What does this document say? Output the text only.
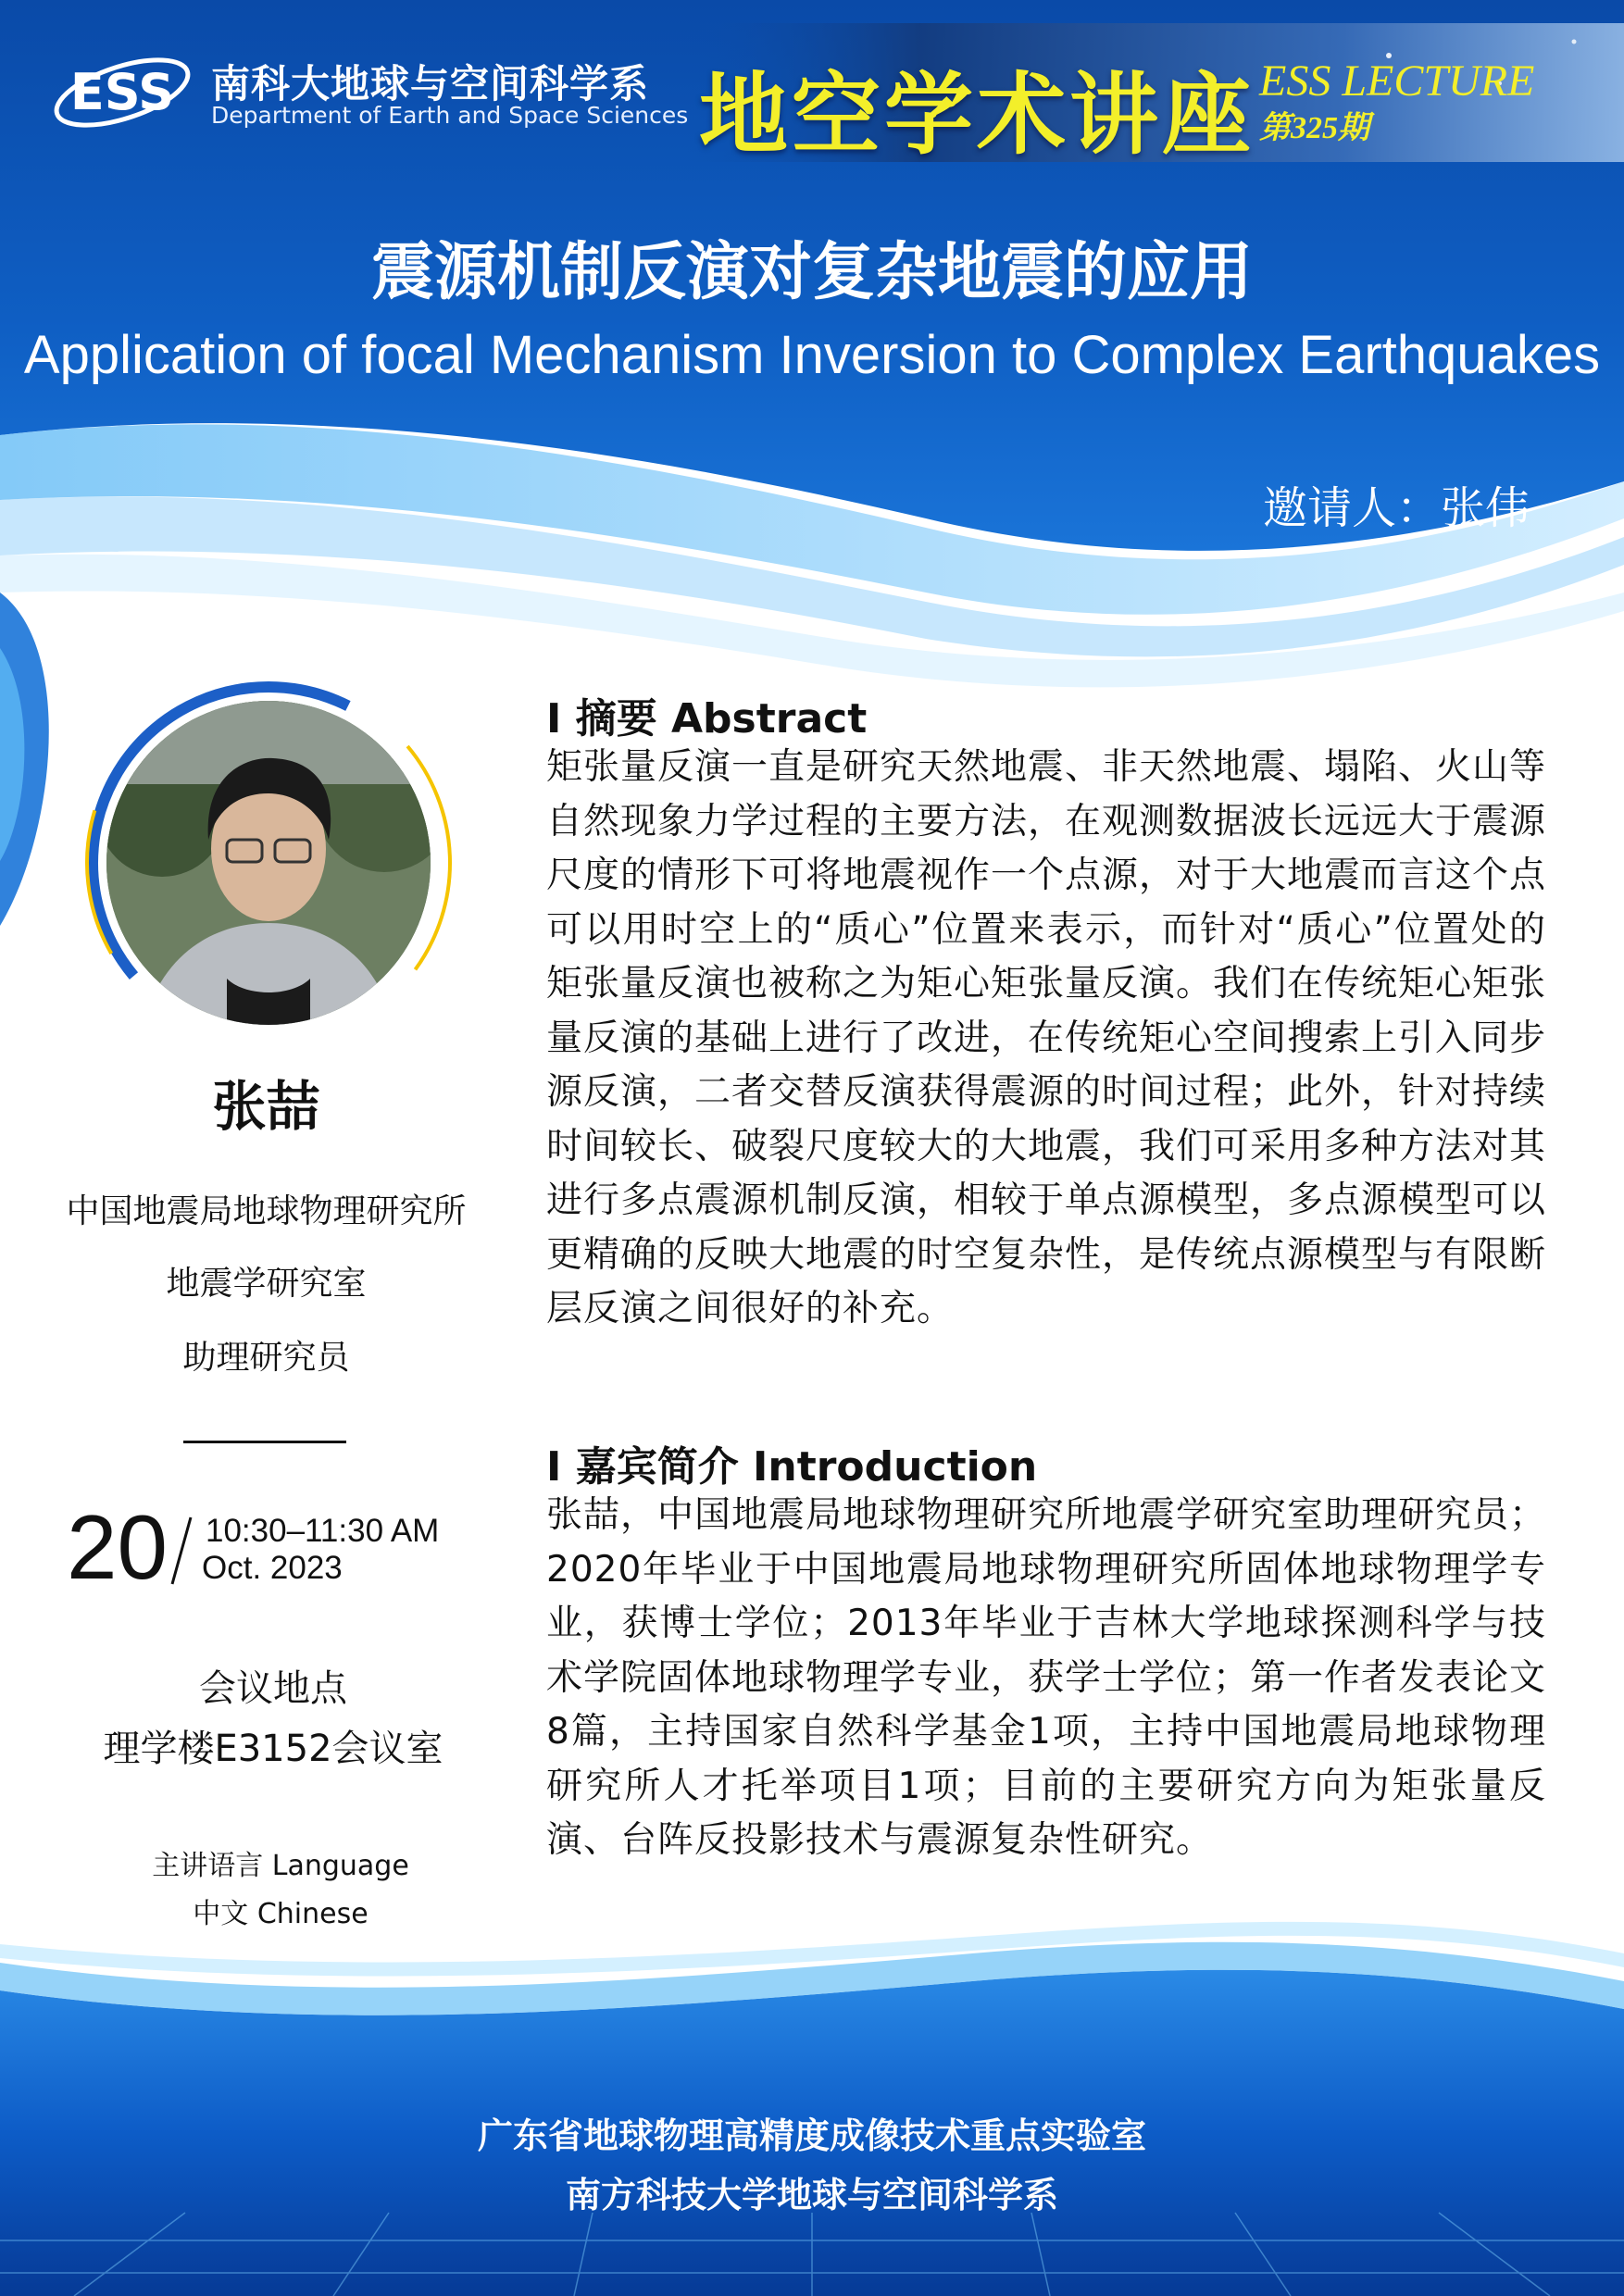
ESS 南科大地球与空间科学系
Department of Earth and Space Sciences 地空学术讲座 ESS LECTURE
第325期
震源机制反演对复杂地震的应用
Application of focal Mechanism Inversion to Complex Earthquakes
邀请人：张伟
张喆
中国地震局地球物理研究所
地震学研究室
助理研究员
20 10:30–11:30 AM
Oct. 2023
会议地点
理学楼E3152会议室
主讲语言 Language
中文 Chinese
I 摘要 Abstract
矩张量反演一直是研究天然地震、非天然地震、塌陷、火山等自然现象力学过程的主要方法，在观测数据波长远远大于震源尺度的情形下可将地震视作一个点源，对于大地震而言这个点可以用时空上的“质心”位置来表示，而针对“质心”位置处的矩张量反演也被称之为矩心矩张量反演。我们在传统矩心矩张量反演的基础上进行了改进，在传统矩心空间搜索上引入同步源反演，二者交替反演获得震源的时间过程；此外，针对持续时间较长、破裂尺度较大的大地震，我们可采用多种方法对其进行多点震源机制反演，相较于单点源模型，多点源模型可以更精确的反映大地震的时空复杂性，是传统点源模型与有限断层反演之间很好的补充。
I 嘉宾简介 Introduction
张喆，中国地震局地球物理研究所地震学研究室助理研究员；2020年毕业于中国地震局地球物理研究所固体地球物理学专业，获博士学位；2013年毕业于吉林大学地球探测科学与技术学院固体地球物理学专业，获学士学位；第一作者发表论文8篇，主持国家自然科学基金1项，主持中国地震局地球物理研究所人才托举项目1项；目前的主要研究方向为矩张量反演、台阵反投影技术与震源复杂性研究。
广东省地球物理高精度成像技术重点实验室
南方科技大学地球与空间科学系
